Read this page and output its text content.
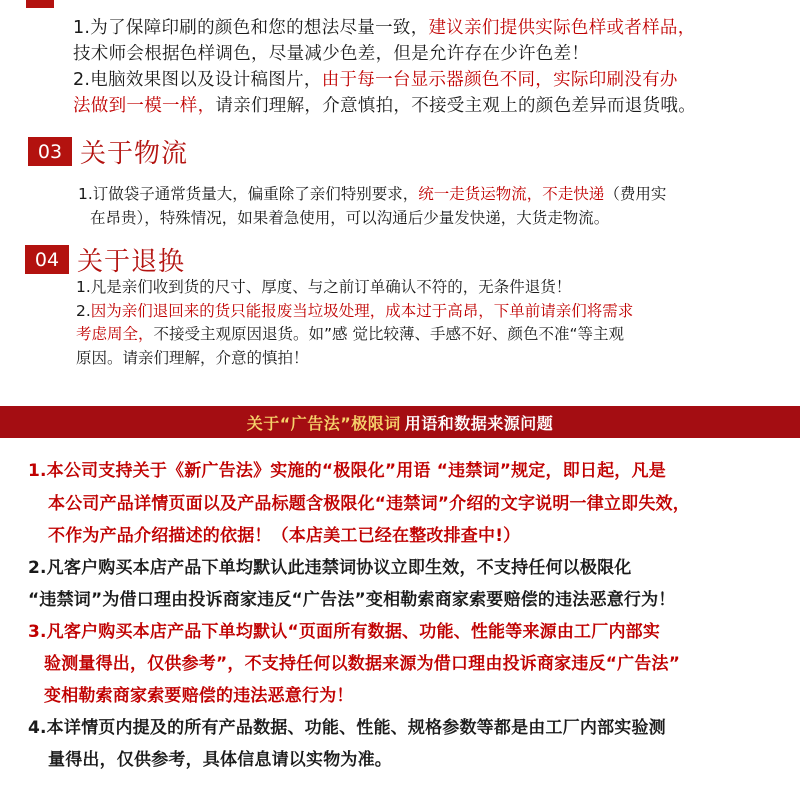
1.为了保障印刷的颜色和您的想法尽量一致，建议亲们提供实际色样或者样品，
技术师会根据色样调色，尽量减少色差，但是允许存在少许色差！
2.电脑效果图以及设计稿图片，由于每一台显示器颜色不同，实际印刷没有办
法做到一模一样，请亲们理解，介意慎拍，不接受主观上的颜色差异而退货哦。
03 关于物流
1.订做袋子通常货量大，偏重除了亲们特别要求，统一走货运物流，不走快递（费用实
在昂贵），特殊情况，如果着急使用，可以沟通后少量发快递，大货走物流。
04 关于退换
1.凡是亲们收到货的尺寸、厚度、与之前订单确认不符的，无条件退货！
2.因为亲们退回来的货只能报废当垃圾处理，成本过于高昂，下单前请亲们将需求
考虑周全，不接受主观原因退货。如”感 觉比较薄、手感不好、颜色不准“等主观
原因。请亲们理解，介意的慎拍！
关于“广告法”极限词 用语和数据来源问题
1.本公司支持关于《新广告法》实施的“极限化”用语 “违禁词”规定，即日起，凡是
本公司产品详情页面以及产品标题含极限化“违禁词”介绍的文字说明一律立即失效，
不作为产品介绍描述的依据！（本店美工已经在整改排查中!）
2.凡客户购买本店产品下单均默认此违禁词协议立即生效，不支持任何以极限化
“违禁词”为借口理由投诉商家违反“广告法”变相勒索商家索要赔偿的违法恶意行为！
3.凡客户购买本店产品下单均默认“页面所有数据、功能、性能等来源由工厂内部实
验测量得出，仅供参考”，不支持任何以数据来源为借口理由投诉商家违反“广告法”
变相勒索商家索要赔偿的违法恶意行为！
4.本详情页内提及的所有产品数据、功能、性能、规格参数等都是由工厂内部实验测
量得出，仅供参考，具体信息请以实物为准。
